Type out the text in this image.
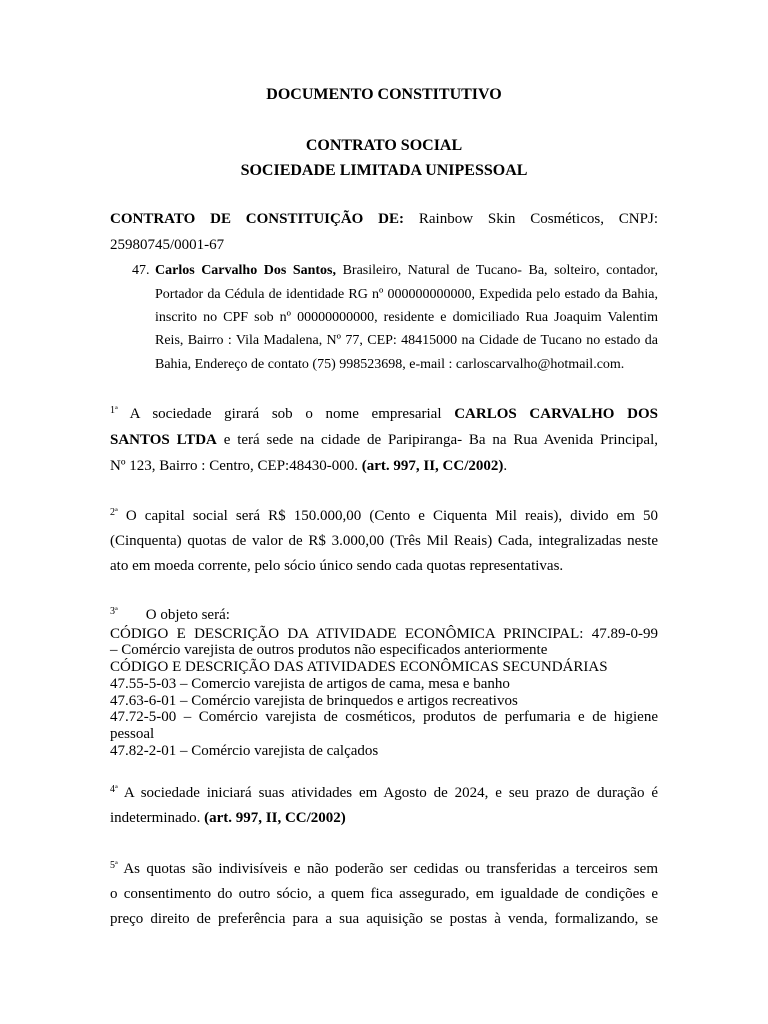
DOCUMENTO CONSTITUTIVO
CONTRATO SOCIAL
SOCIEDADE LIMITADA UNIPESSOAL
CONTRATO DE CONSTITUIÇÃO DE: Rainbow Skin Cosméticos, CNPJ:
25980745/0001-67
47. Carlos Carvalho Dos Santos, Brasileiro, Natural de Tucano- Ba, solteiro, contador,
Portador da Cédula de identidade RG nº 000000000000, Expedida pelo estado da Bahia,
inscrito no CPF sob nº 00000000000, residente e domiciliado Rua Joaquim Valentim
Reis, Bairro : Vila Madalena, Nº 77, CEP: 48415000 na Cidade de Tucano no estado da
Bahia, Endereço de contato (75) 998523698, e-mail : carloscarvalho@hotmail.com.
$^{1ª}$ A sociedade girará sob o nome empresarial CARLOS CARVALHO DOS
SANTOS LTDA e terá sede na cidade de Paripiranga- Ba na Rua Avenida Principal,
Nº 123, Bairro : Centro, CEP:48430-000. (art. 997, II, CC/2002).
$^{2ª}$ O capital social será R$ 150.000,00 (Cento e Ciquenta Mil reais), divido em 50
(Cinquenta) quotas de valor de R$ 3.000,00 (Três Mil Reais) Cada, integralizadas neste
ato em moeda corrente, pelo sócio único sendo cada quotas representativas.
$^{3ª}$ O objeto será:
CÓDIGO E DESCRIÇÃO DA ATIVIDADE ECONÔMICA PRINCIPAL: 47.89-0-99
– Comércio varejista de outros produtos não especificados anteriormente
CÓDIGO E DESCRIÇÃO DAS ATIVIDADES ECONÔMICAS SECUNDÁRIAS
47.55-5-03 – Comercio varejista de artigos de cama, mesa e banho
47.63-6-01 – Comércio varejista de brinquedos e artigos recreativos
47.72-5-00 – Comércio varejista de cosméticos, produtos de perfumaria e de higiene
pessoal
47.82-2-01 – Comércio varejista de calçados
$^{4ª}$ A sociedade iniciará suas atividades em Agosto de 2024, e seu prazo de duração é
indeterminado. (art. 997, II, CC/2002)
$^{5ª}$ As quotas são indivisíveis e não poderão ser cedidas ou transferidas a terceiros sem
o consentimento do outro sócio, a quem fica assegurado, em igualdade de condições e
preço direito de preferência para a sua aquisição se postas à venda, formalizando, se
